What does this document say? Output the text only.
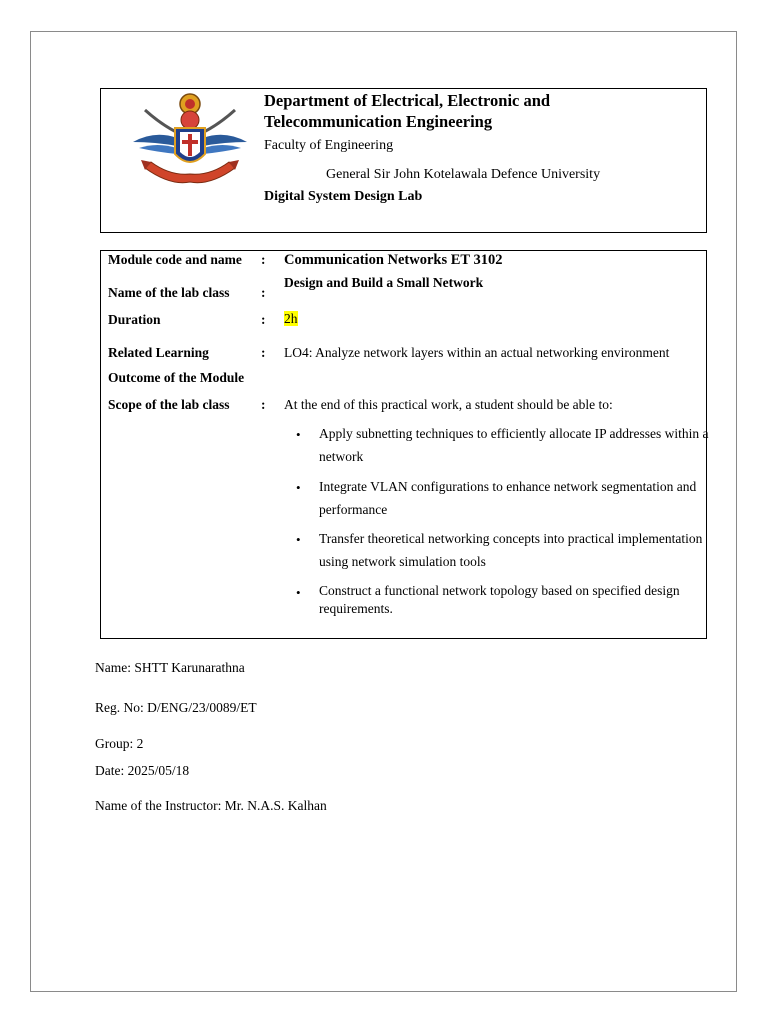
Department of Electrical, Electronic and
Telecommunication Engineering
Faculty of Engineering
General Sir John Kotelawala Defence University
Digital System Design Lab
Module code and name : Communication Networks ET 3102
Name of the lab class :
Design and Build a Small Network
Duration	: 2h
Related Learning
Outcome of the Module
: LO4: Analyze network layers within an actual networking environment
Scope of the lab class : At the end of this practical work, a student should be able to:
• Apply subnetting techniques to efficiently allocate IP addresses within a network
• Integrate VLAN configurations to enhance network segmentation and performance
• Transfer theoretical networking concepts into practical implementation using network simulation tools
• Construct a functional network topology based on specified design requirements.
Name: SHTT Karunarathna
Reg. No: D/ENG/23/0089/ET
Group: 2
Date: 2025/05/18
Name of the Instructor: Mr. N.A.S. Kalhan
